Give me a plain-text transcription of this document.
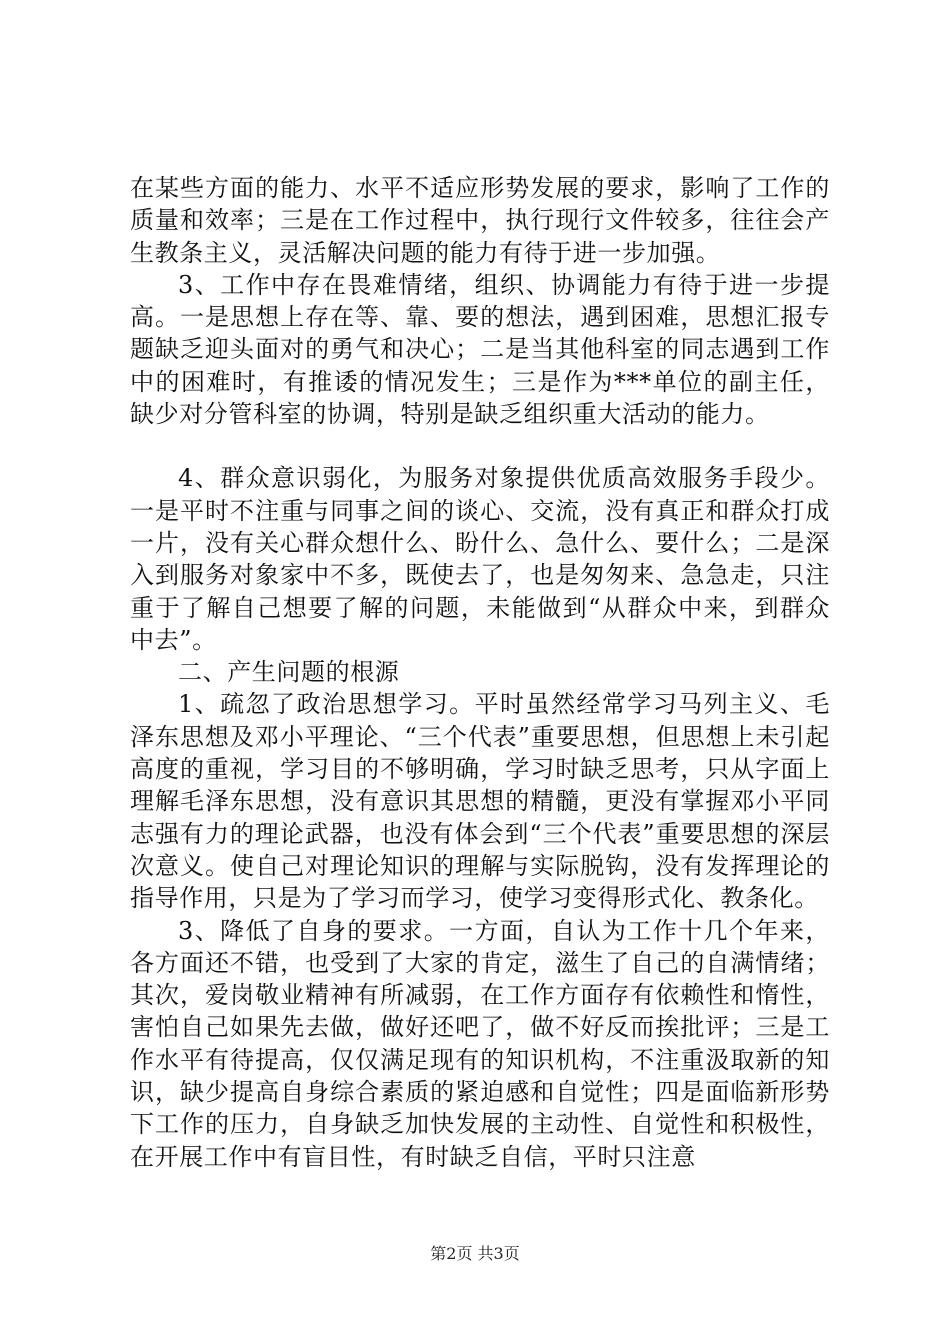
在某些方面的能力、水平不适应形势发展的要求，影响了工作的质量和效率；三是在工作过程中，执行现行文件较多，往往会产生教条主义，灵活解决问题的能力有待于进一步加强。

3、工作中存在畏难情绪，组织、协调能力有待于进一步提高。一是思想上存在等、靠、要的想法，遇到困难，思想汇报专题缺乏迎头面对的勇气和决心；二是当其他科室的同志遇到工作中的困难时，有推诿的情况发生；三是作为***单位的副主任，缺少对分管科室的协调，特别是缺乏组织重大活动的能力。

4、群众意识弱化，为服务对象提供优质高效服务手段少。一是平时不注重与同事之间的谈心、交流，没有真正和群众打成一片，没有关心群众想什么、盼什么、急什么、要什么；二是深入到服务对象家中不多，既使去了，也是匆匆来、急急走，只注重于了解自己想要了解的问题，未能做到“从群众中来，到群众中去”。

二、产生问题的根源

1、疏忽了政治思想学习。平时虽然经常学习马列主义、毛泽东思想及邓小平理论、“三个代表”重要思想，但思想上未引起高度的重视，学习目的不够明确，学习时缺乏思考，只从字面上理解毛泽东思想，没有意识其思想的精髓，更没有掌握邓小平同志强有力的理论武器，也没有体会到“三个代表”重要思想的深层次意义。使自己对理论知识的理解与实际脱钩，没有发挥理论的指导作用，只是为了学习而学习，使学习变得形式化、教条化。

3、降低了自身的要求。一方面，自认为工作十几个年来，各方面还不错，也受到了大家的肯定，滋生了自己的自满情绪；其次，爱岗敬业精神有所减弱，在工作方面存有依赖性和惰性，害怕自己如果先去做，做好还吧了，做不好反而挨批评；三是工作水平有待提高，仅仅满足现有的知识机构，不注重汲取新的知识，缺少提高自身综合素质的紧迫感和自觉性；四是面临新形势下工作的压力，自身缺乏加快发展的主动性、自觉性和积极性，在开展工作中有盲目性，有时缺乏自信，平时只注意

第2页 共3页
